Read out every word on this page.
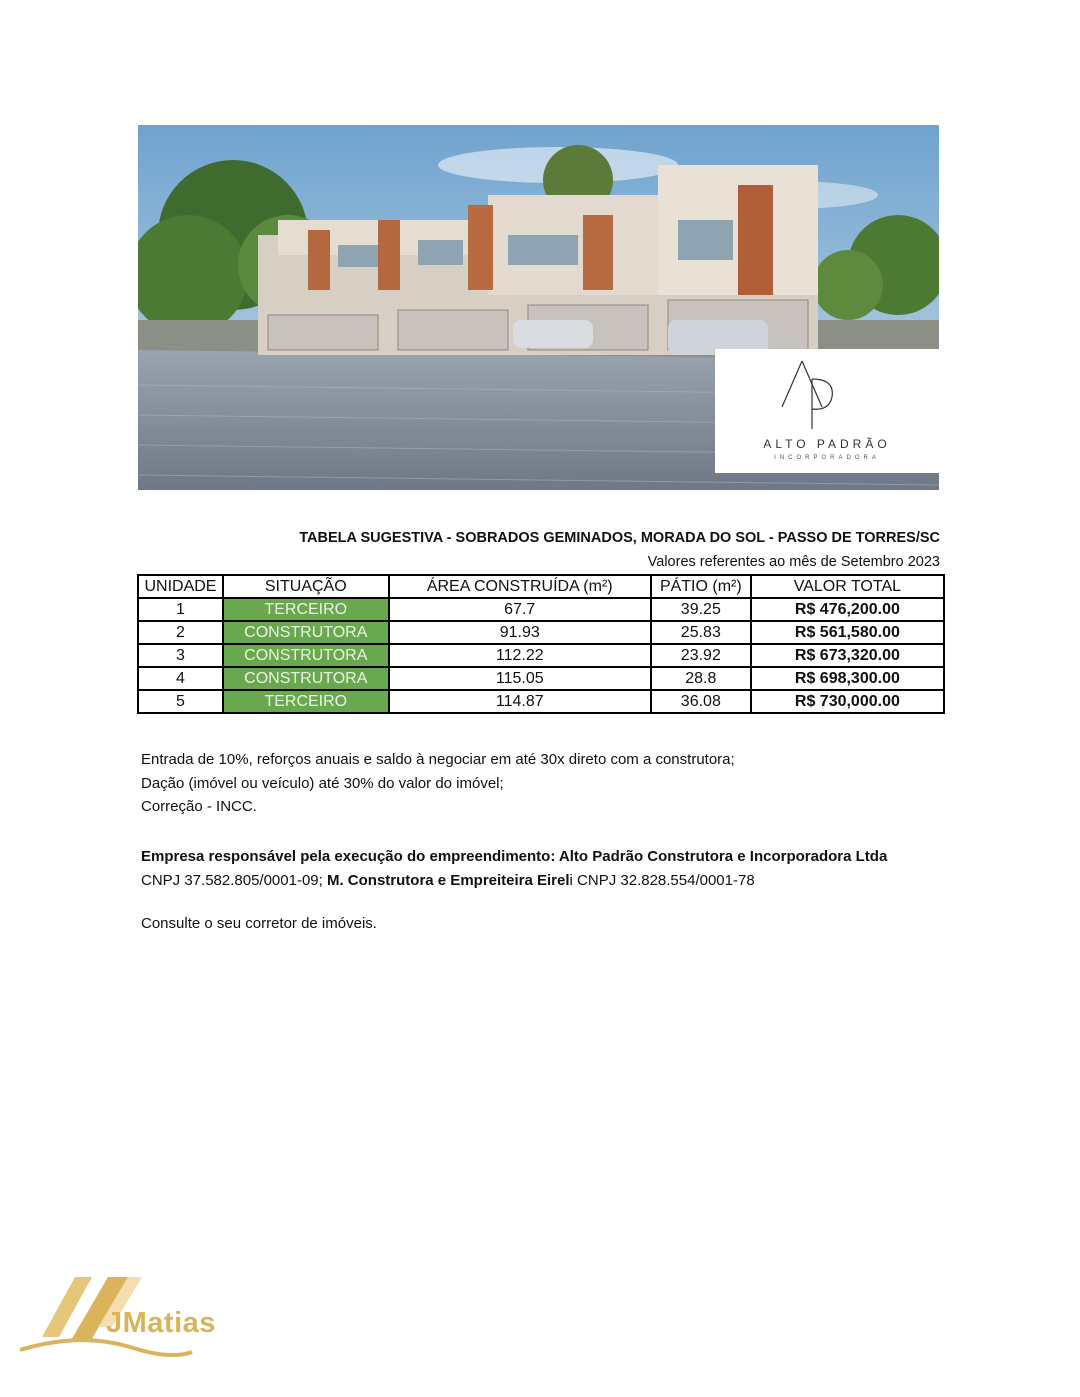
ALTO PADRÃO
INCORPORADORA
TABELA SUGESTIVA - SOBRADOS GEMINADOS, MORADA DO SOL - PASSO DE TORRES/SC
Valores referentes ao mês de Setembro 2023
UNIDADE	SITUAÇÃO	ÁREA CONSTRUÍDA (m²)	PÁTIO (m²)	VALOR TOTAL
1	TERCEIRO	67.7	39.25	R$ 476,200.00
2	CONSTRUTORA	91.93	25.83	R$ 561,580.00
3	CONSTRUTORA	112.22	23.92	R$ 673,320.00
4	CONSTRUTORA	115.05	28.8	R$ 698,300.00
5	TERCEIRO	114.87	36.08	R$ 730,000.00

Entrada de 10%, reforços anuais e saldo à negociar em até 30x direto com a construtora;

Dação (imóvel ou veículo) até 30% do valor do imóvel;

Correção - INCC.

Empresa responsável pela execução do empreendimento: Alto Padrão Construtora e Incorporadora Ltda

CNPJ 37.582.805/0001-09; M. Construtora e Empreiteira Eireli CNPJ 32.828.554/0001-78

Consulte o seu corretor de imóveis.
JMatias
